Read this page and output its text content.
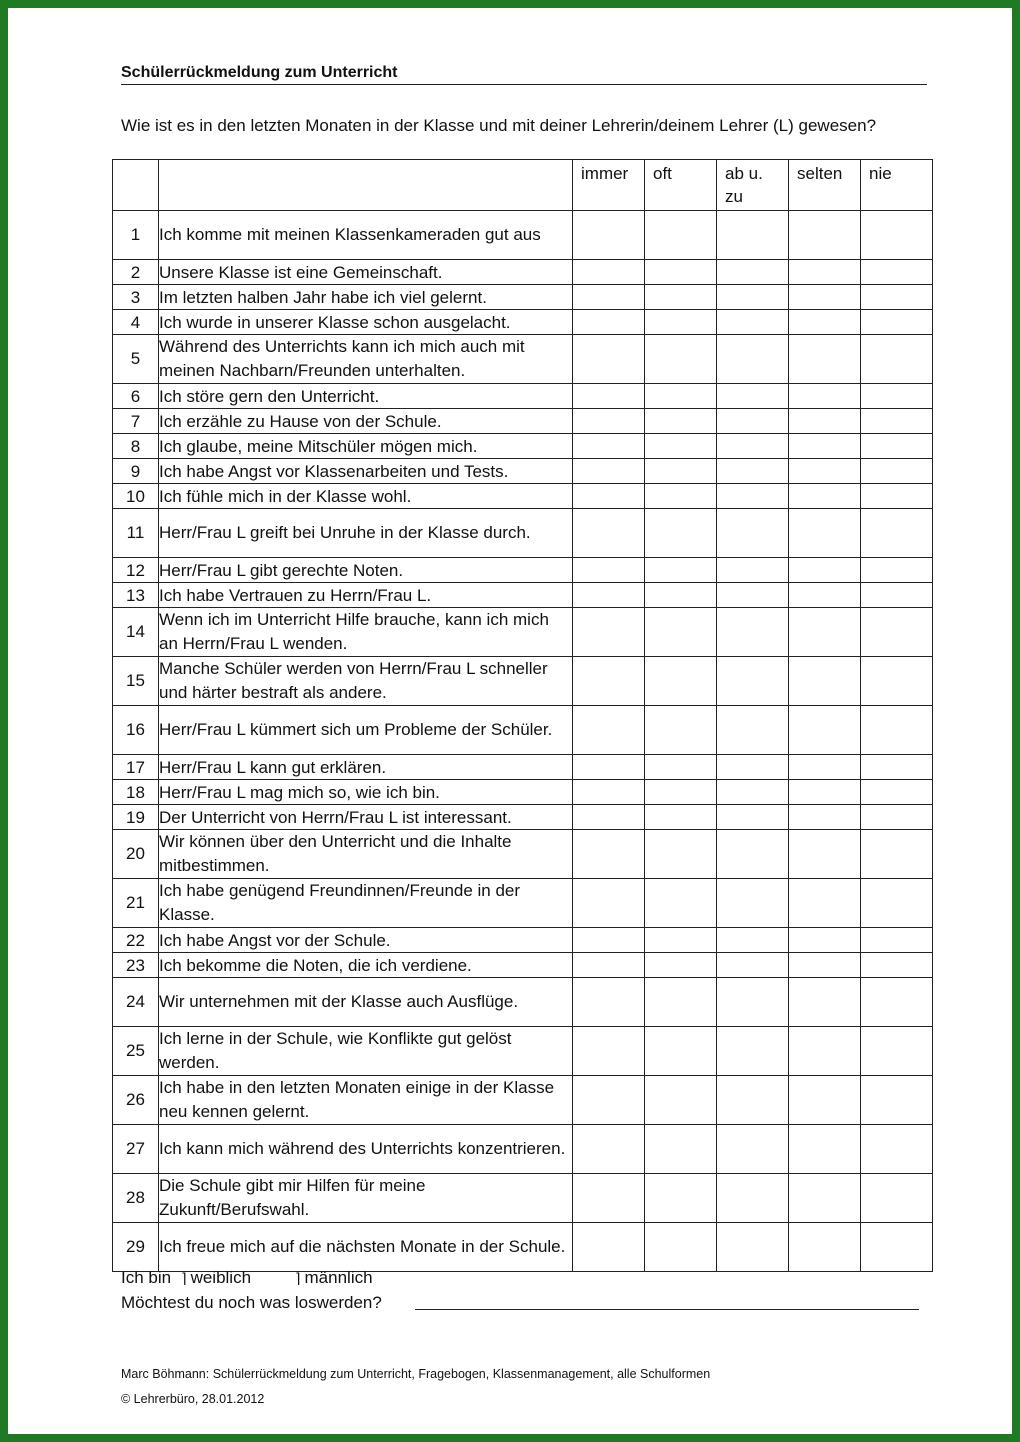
Schülerrückmeldung zum Unterricht
Wie ist es in den letzten Monaten in der Klasse und mit deiner Lehrerin/deinem Lehrer (L) gewesen?
		immer	oft	ab u. zu	selten	nie
1	Ich komme mit meinen Klassenkameraden gut aus					
2	Unsere Klasse ist eine Gemeinschaft.					
3	Im letzten halben Jahr habe ich viel gelernt.					
4	Ich wurde in unserer Klasse schon ausgelacht.					
5	Während des Unterrichts kann ich mich auch mit meinen Nachbarn/Freunden unterhalten.					
6	Ich störe gern den Unterricht.					
7	Ich erzähle zu Hause von der Schule.					
8	Ich glaube, meine Mitschüler mögen mich.					
9	Ich habe Angst vor Klassenarbeiten und Tests.					
10	Ich fühle mich in der Klasse wohl.					
11	Herr/Frau L greift bei Unruhe in der Klasse durch.					
12	Herr/Frau L gibt gerechte Noten.					
13	Ich habe Vertrauen zu Herrn/Frau L.					
14	Wenn ich im Unterricht Hilfe brauche, kann ich mich an Herrn/Frau L wenden.					
15	Manche Schüler werden von Herrn/Frau L schneller und härter bestraft als andere.					
16	Herr/Frau L kümmert sich um Probleme der Schüler.					
17	Herr/Frau L kann gut erklären.					
18	Herr/Frau L mag mich so, wie ich bin.					
19	Der Unterricht von Herrn/Frau L ist interessant.					
20	Wir können über den Unterricht und die Inhalte mitbestimmen.					
21	Ich habe genügend Freundinnen/Freunde in der Klasse.					
22	Ich habe Angst vor der Schule.					
23	Ich bekomme die Noten, die ich verdiene.					
24	Wir unternehmen mit der Klasse auch Ausflüge.					
25	Ich lerne in der Schule, wie Konflikte gut gelöst werden.					
26	Ich habe in den letzten Monaten einige in der Klasse neu kennen gelernt.					
27	Ich kann mich während des Unterrichts konzentrieren.					
28	Die Schule gibt mir Hilfen für meine Zukunft/Berufswahl.					
29	Ich freue mich auf die nächsten Monate in der Schule.					
Ich bin ⌉ weiblich	⌉ männlich
Möchtest du noch was loswerden?
Marc Böhmann: Schülerrückmeldung zum Unterricht, Fragebogen, Klassenmanagement, alle Schulformen
© Lehrerbüro, 28.01.2012
